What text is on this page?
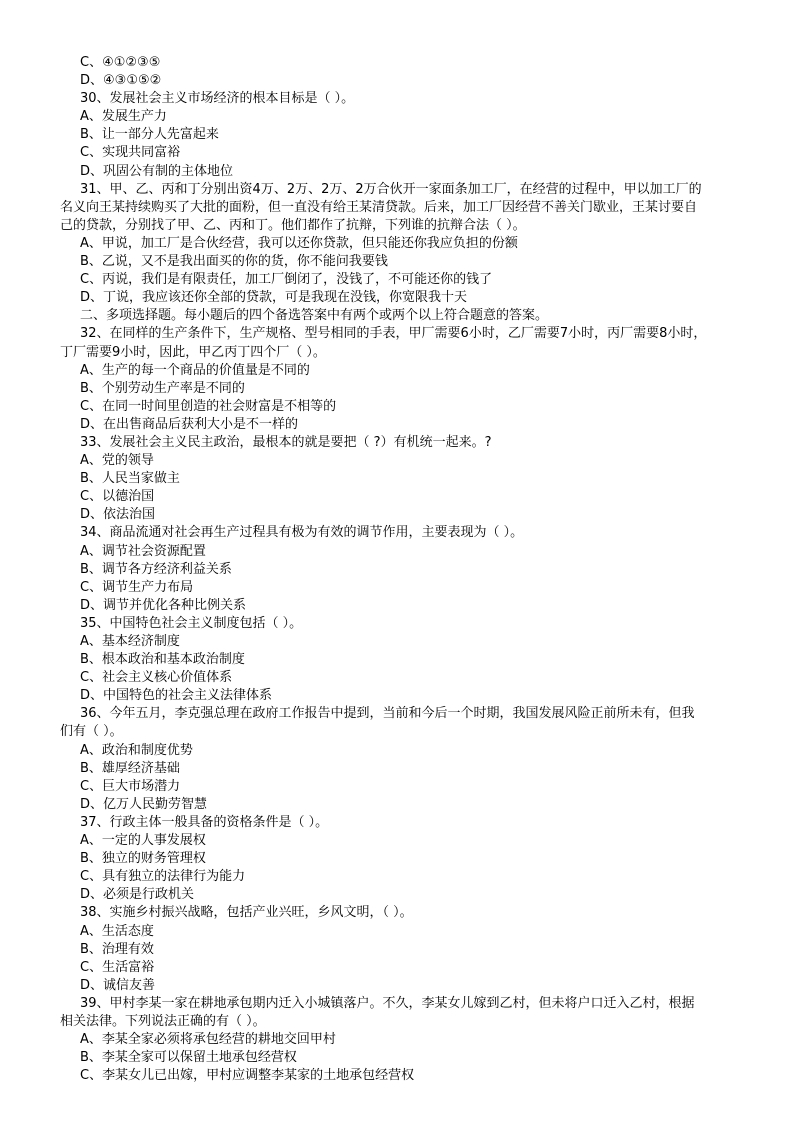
C、④①②③⑤
D、④③①⑤②
30、发展社会主义市场经济的根本目标是（ ）。
A、发展生产力
B、让一部分人先富起来
C、实现共同富裕
D、巩固公有制的主体地位
31、甲、乙、丙和丁分别出资4万、2万、2万、2万合伙开一家面条加工厂，在经营的过程中，甲以加工厂的
名义向王某持续购买了大批的面粉，但一直没有给王某清贷款。后来，加工厂因经营不善关门歇业，王某讨要自
己的贷款，分别找了甲、乙、丙和丁。他们都作了抗辩，下列谁的抗辩合法（ ）。
A、甲说，加工厂是合伙经营，我可以还你贷款，但只能还你我应负担的份额
B、乙说，又不是我出面买的你的货，你不能问我要钱
C、丙说，我们是有限责任，加工厂倒闭了，没钱了，不可能还你的钱了
D、丁说，我应该还你全部的贷款，可是我现在没钱，你宽限我十天
二、多项选择题。每小题后的四个备选答案中有两个或两个以上符合题意的答案。
32、在同样的生产条件下，生产规格、型号相同的手表，甲厂需要6小时，乙厂需要7小时，丙厂需要8小时，
丁厂需要9小时，因此，甲乙丙丁四个厂（ ）。
A、生产的每一个商品的价值量是不同的
B、个别劳动生产率是不同的
C、在同一时间里创造的社会财富是不相等的
D、在出售商品后获利大小是不一样的
33、发展社会主义民主政治，最根本的就是要把（ ?）有机统一起来。?
A、党的领导
B、人民当家做主
C、以德治国
D、依法治国
34、商品流通对社会再生产过程具有极为有效的调节作用，主要表现为（ ）。
A、调节社会资源配置
B、调节各方经济利益关系
C、调节生产力布局
D、调节并优化各种比例关系
35、中国特色社会主义制度包括（ ）。
A、基本经济制度
B、根本政治和基本政治制度
C、社会主义核心价值体系
D、中国特色的社会主义法律体系
36、今年五月，李克强总理在政府工作报告中提到，当前和今后一个时期，我国发展风险正前所未有，但我
们有（ ）。
A、政治和制度优势
B、雄厚经济基础
C、巨大市场潜力
D、亿万人民勤劳智慧
37、行政主体一般具备的资格条件是（ ）。
A、一定的人事发展权
B、独立的财务管理权
C、具有独立的法律行为能力
D、必须是行政机关
38、实施乡村振兴战略，包括产业兴旺，乡风文明，（ ）。
A、生活态度
B、治理有效
C、生活富裕
D、诚信友善
39、甲村李某一家在耕地承包期内迁入小城镇落户。不久，李某女儿嫁到乙村，但未将户口迁入乙村，根据
相关法律。下列说法正确的有（ ）。
A、李某全家必须将承包经营的耕地交回甲村
B、李某全家可以保留土地承包经营权
C、李某女儿已出嫁，甲村应调整李某家的土地承包经营权
